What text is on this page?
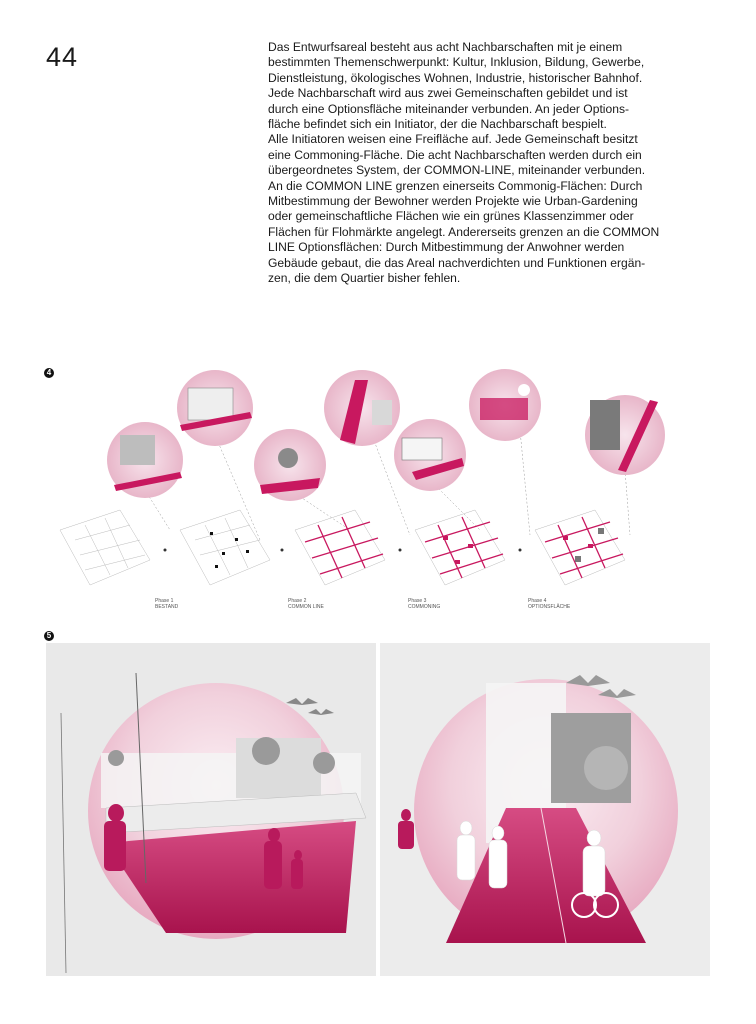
44	Das Entwurfsareal besteht aus acht Nachbarschaften mit je einem
bestimmten Themenschwerpunkt: Kultur, Inklusion, Bildung, Gewerbe,
Dienstleistung, ökologisches Wohnen, Industrie, historischer Bahnhof.
Jede Nachbarschaft wird aus zwei Gemeinschaften gebildet und ist
durch eine Optionsfläche miteinander verbunden. An jeder Options-
fläche befindet sich ein Initiator, der die Nachbarschaft bespielt.
Alle Initiatoren weisen eine Freifläche auf. Jede Gemeinschaft besitzt
eine Commoning-Fläche. Die acht Nachbarschaften werden durch ein
übergeordnetes System, der COMMON-LINE, miteinander verbunden.
An die COMMON LINE grenzen einerseits Commonig-Flächen: Durch
Mitbestimmung der Bewohner werden Projekte wie Urban-Gardening
oder gemeinschaftliche Flächen wie ein grünes Klassenzimmer oder
Flächen für Flohmärkte angelegt. Andererseits grenzen an die COMMON
LINE Optionsflächen: Durch Mitbestimmung der Anwohner werden
Gebäude gebaut, die das Areal nachverdichten und Funktionen ergän-
zen, die dem Quartier bisher fehlen.
4
Phase 1
BESTAND
Phase 2
COMMON LINE
Phase 3
COMMONING
Phase 4
OPTIONSFLÄCHE
5
